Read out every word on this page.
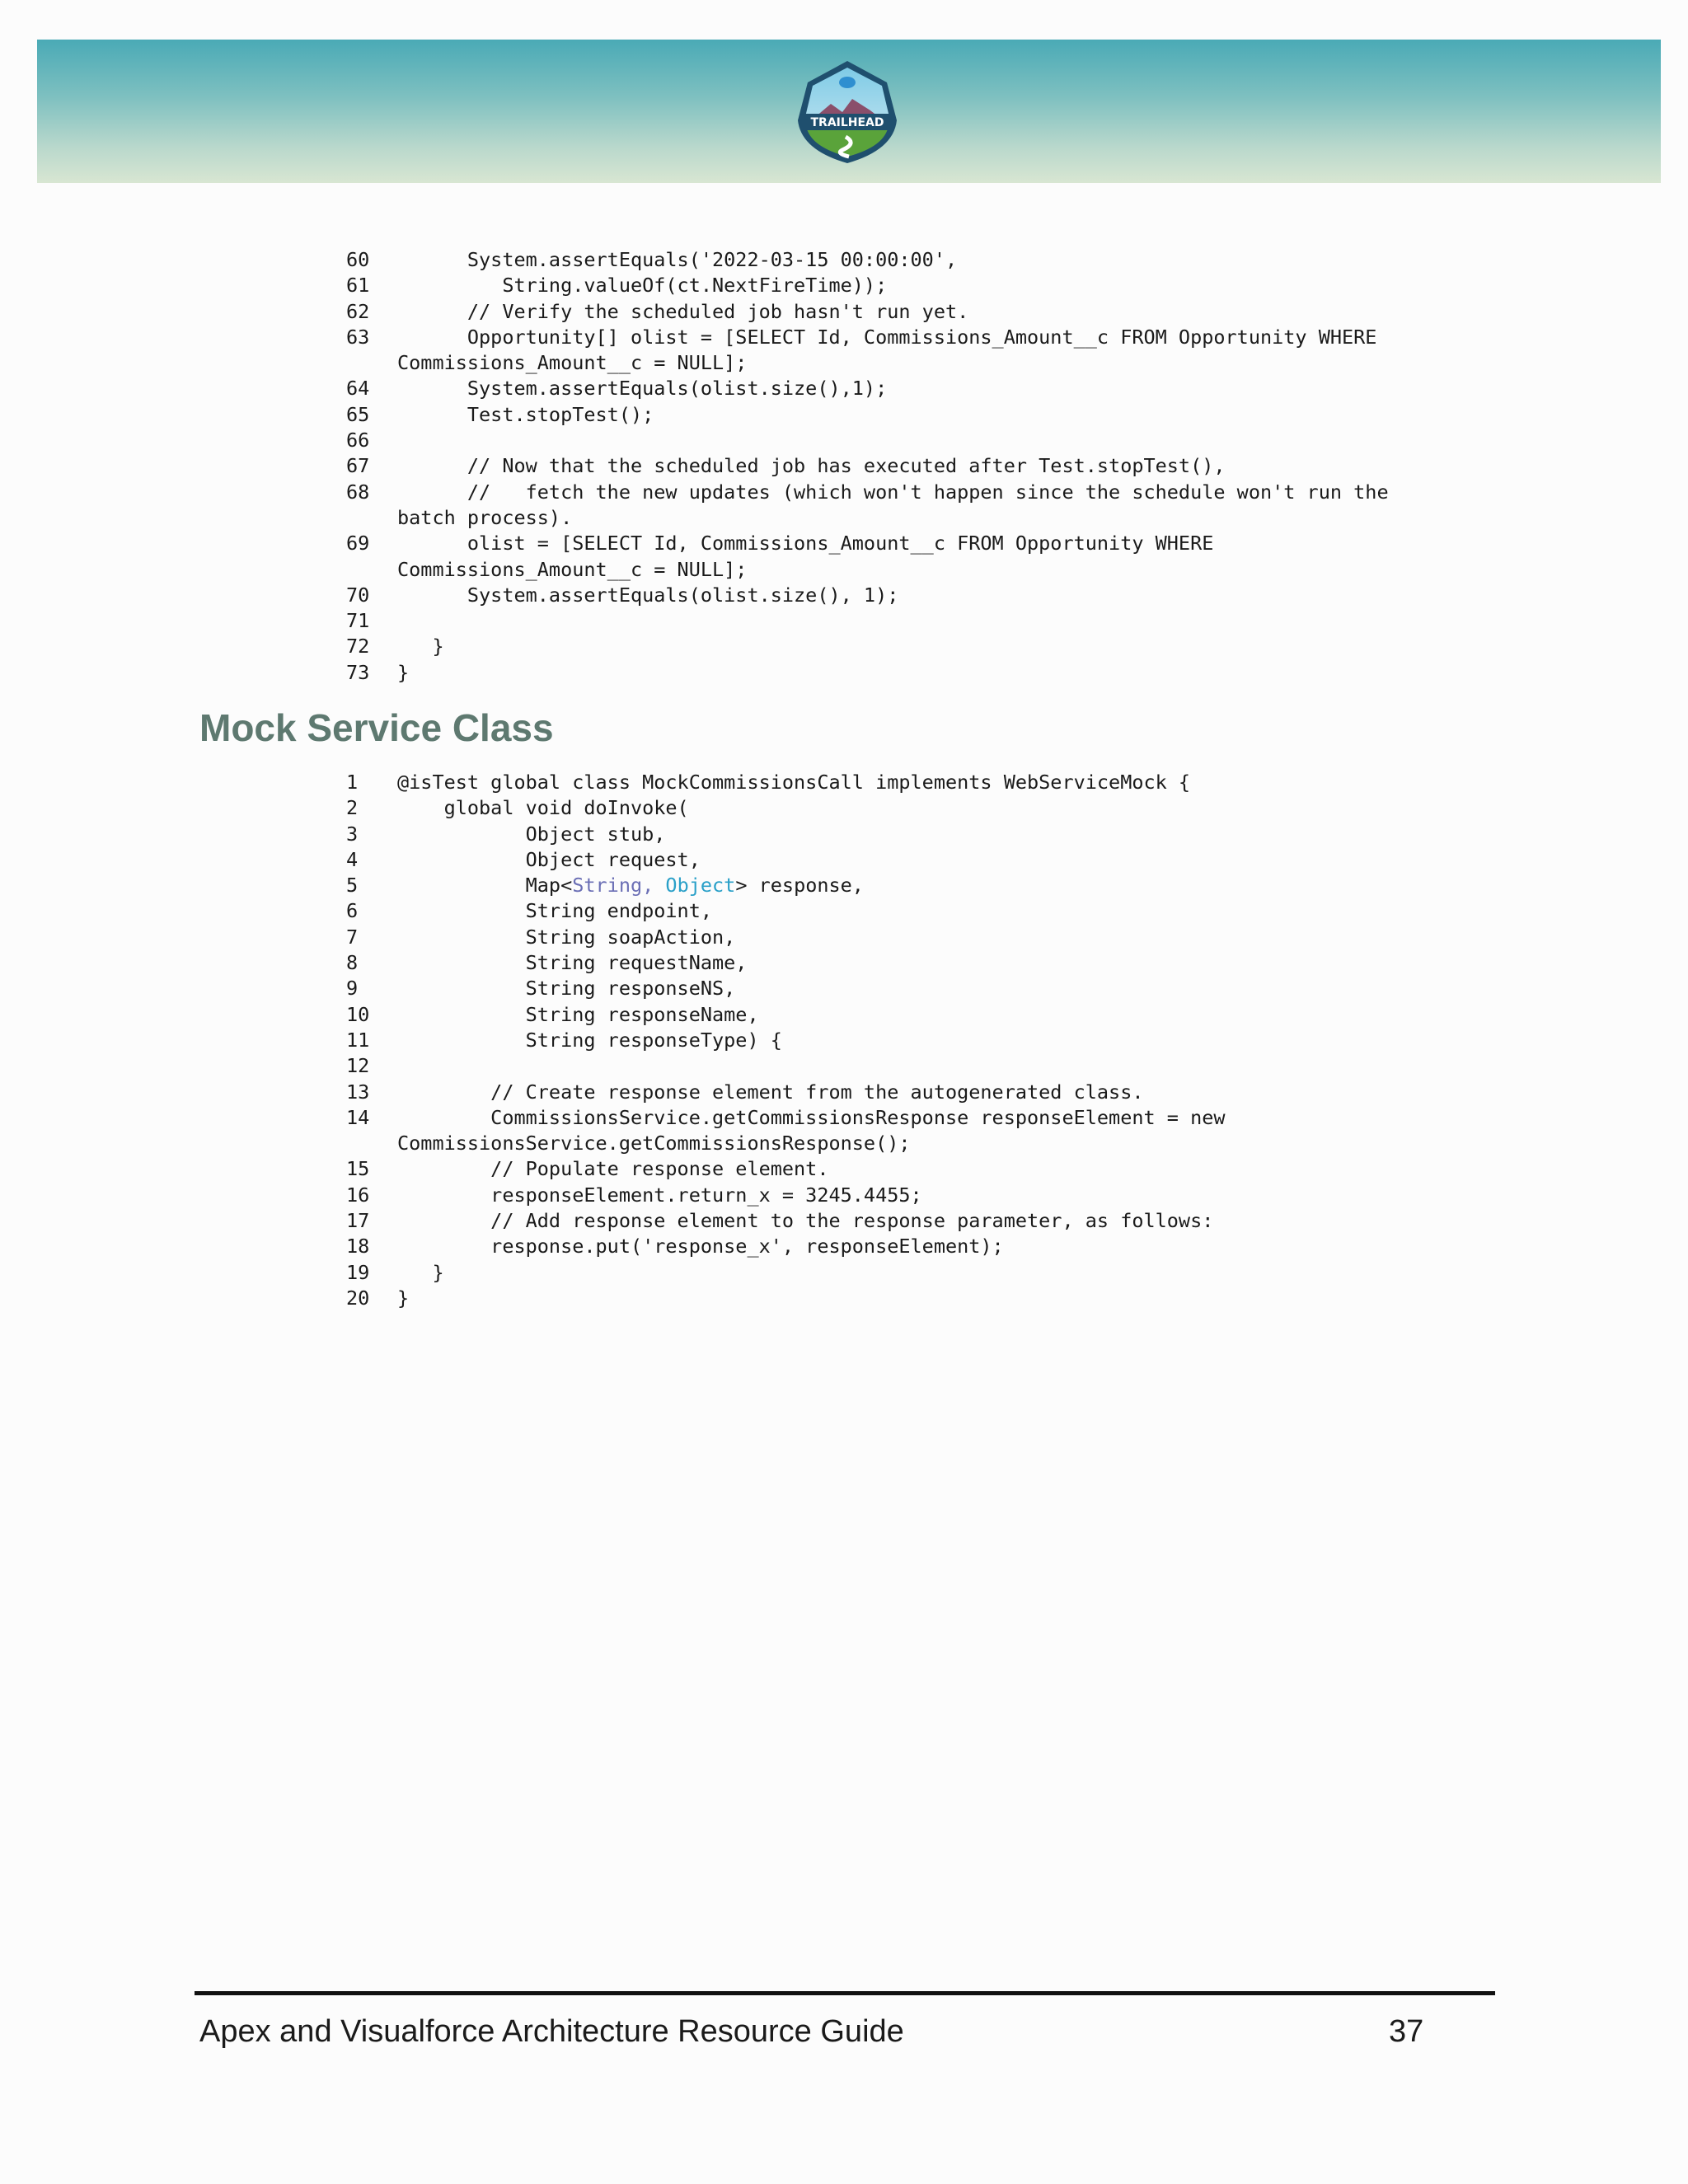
TRAILHEAD
60	System.assertEquals('2022-03-15 00:00:00',
61	String.valueOf(ct.NextFireTime));
62	// Verify the scheduled job hasn't run yet.
63	Opportunity[] olist = [SELECT Id, Commissions_Amount__c FROM Opportunity WHERE
Commissions_Amount__c = NULL];
64	System.assertEquals(olist.size(),1);
65	Test.stopTest();
66
67	// Now that the scheduled job has executed after Test.stopTest(),
68	//   fetch the new updates (which won't happen since the schedule won't run the
batch process).
69	olist = [SELECT Id, Commissions_Amount__c FROM Opportunity WHERE
Commissions_Amount__c = NULL];
70	System.assertEquals(olist.size(), 1);
71
72	}
73	}
Mock Service Class
1	@isTest global class MockCommissionsCall implements WebServiceMock {
2	global void doInvoke(
3	Object stub,
4	Object request,
5	Map<String, Object> response,
6	String endpoint,
7	String soapAction,
8	String requestName,
9	String responseNS,
10	String responseName,
11	String responseType) {
12
13	// Create response element from the autogenerated class.
14	CommissionsService.getCommissionsResponse responseElement = new
CommissionsService.getCommissionsResponse();
15	// Populate response element.
16	responseElement.return_x = 3245.4455;
17	// Add response element to the response parameter, as follows:
18	response.put('response_x', responseElement);
19	}
20	}
Apex and Visualforce Architecture Resource Guide	37
